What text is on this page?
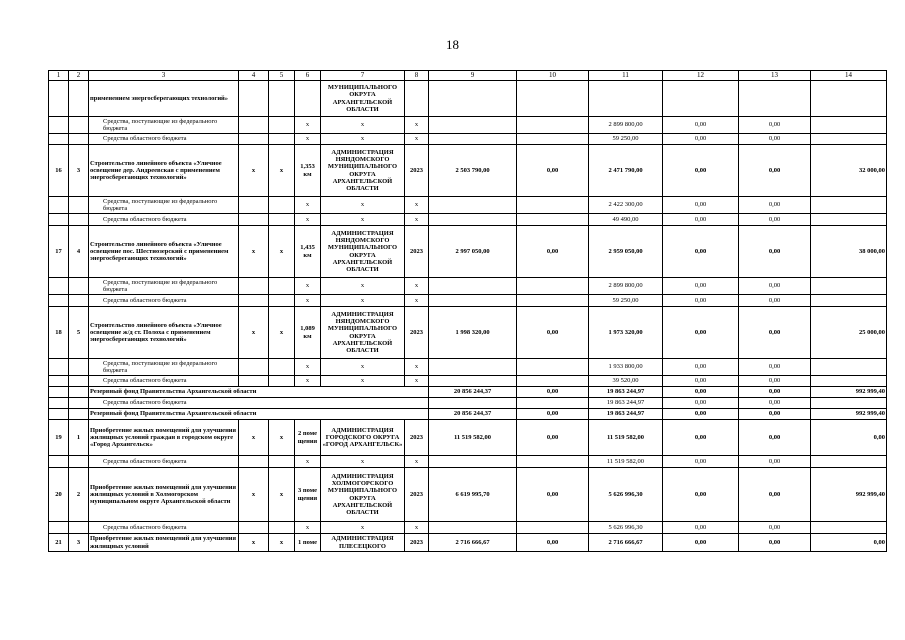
18
1	2	3	4	5	6	7	8	9	10	11	12	13	14
		применением энергосберегающих технологий»				МУНИЦИПАЛЬНОГО ОКРУГА АРХАНГЕЛЬСКОЙ ОБЛАСТИ							
		Средства, поступающие из федерального бюджета			x	x	x			2 899 800,00	0,00	0,00	
		Средства областного бюджета			x	x	x			59 250,00	0,00	0,00	
16	3	Строительство линейного объекта «Уличное освещение дер. Андреевская с применением энергосберегающих технологий»	x	x	1,353 км	АДМИНИСТРАЦИЯ НЯНДОМСКОГО МУНИЦИПАЛЬНОГО ОКРУГА АРХАНГЕЛЬСКОЙ ОБЛАСТИ	2023	2 503 790,00	0,00	2 471 790,00	0,00	0,00	32 000,00
		Средства, поступающие из федерального бюджета			x	x	x			2 422 300,00	0,00	0,00	
		Средства областного бюджета			x	x	x			49 490,00	0,00	0,00	
17	4	Строительство линейного объекта «Уличное освещение пос. Шестиозерский с применением энергосберегающих технологий»	x	x	1,435 км	АДМИНИСТРАЦИЯ НЯНДОМСКОГО МУНИЦИПАЛЬНОГО ОКРУГА АРХАНГЕЛЬСКОЙ ОБЛАСТИ	2023	2 997 050,00	0,00	2 959 050,00	0,00	0,00	38 000,00
		Средства, поступающие из федерального бюджета			x	x	x			2 899 800,00	0,00	0,00	
		Средства областного бюджета			x	x	x			59 250,00	0,00	0,00	
18	5	Строительство линейного объекта «Уличное освещение ж/д ст. Полоха с применением энергосберегающих технологий»	x	x	1,089 км	АДМИНИСТРАЦИЯ НЯНДОМСКОГО МУНИЦИПАЛЬНОГО ОКРУГА АРХАНГЕЛЬСКОЙ ОБЛАСТИ	2023	1 998 320,00	0,00	1 973 320,00	0,00	0,00	25 000,00
		Средства, поступающие из федерального бюджета			x	x	x			1 933 800,00	0,00	0,00	
		Средства областного бюджета			x	x	x			39 520,00	0,00	0,00	
		Резервный фонд Правительства Архангельской области						20 856 244,37	0,00	19 863 244,97	0,00	0,00	992 999,40
		Средства областного бюджета								19 863 244,97	0,00	0,00	
		Резервный фонд Правительства Архангельской области						20 856 244,37	0,00	19 863 244,97	0,00	0,00	992 999,40
19	1	Приобретение жилых помещений для улучшения жилищных условий граждан в городском округе «Город Архангельск»	x	x	2 поме щения	АДМИНИСТРАЦИЯ ГОРОДСКОГО ОКРУГА «ГОРОД АРХАНГЕЛЬСК»	2023	11 519 582,00	0,00	11 519 582,00	0,00	0,00	0,00
		Средства областного бюджета			x	x	x			11 519 582,00	0,00	0,00	
20	2	Приобретение жилых помещений для улучшения жилищных условий в Холмогорском муниципальном округе Архангельской области	x	x	3 поме щения	АДМИНИСТРАЦИЯ ХОЛМОГОРСКОГО МУНИЦИПАЛЬНОГО ОКРУГА АРХАНГЕЛЬСКОЙ ОБЛАСТИ	2023	6 619 995,70	0,00	5 626 996,30	0,00	0,00	992 999,40
		Средства областного бюджета			x	x	x			5 626 996,30	0,00	0,00	
21	3	Приобретение жилых помещений для улучшения жилищных условий	x	x	1 поме	АДМИНИСТРАЦИЯ ПЛЕСЕЦКОГО	2023	2 716 666,67	0,00	2 716 666,67	0,00	0,00	0,00
